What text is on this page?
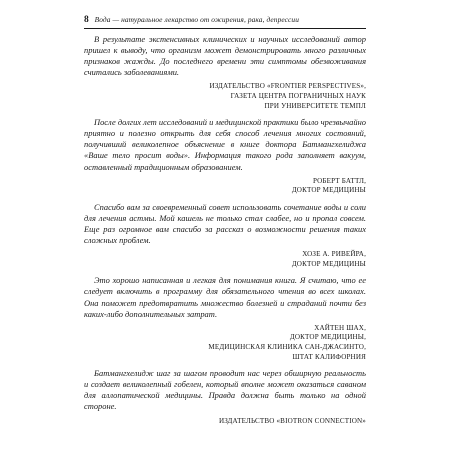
8 Вода — натуральное лекарство от ожирения, рака, депрессии

В результате экстенсивных клинических и научных исследований автор пришел к выводу, что организм может демонстрировать много различных признаков жажды. До последнего времени эти симптомы обезвоживания считались заболеваниями.

ИЗДАТЕЛЬСТВО «FRONTIER PERSPECTIVES»,
ГАЗЕТА ЦЕНТРА ПОГРАНИЧНЫХ НАУК
ПРИ УНИВЕРСИТЕТЕ ТЕМПЛ

После долгих лет исследований и медицинской практики было чрезвычайно приятно и полезно открыть для себя способ лечения многих состояний, получивший великолепное объяснение в книге доктора Батмангхелиджа «Ваше тело просит воды». Информация такого рода заполняет вакуум, оставленный традиционным образованием.

РОБЕРТ БАТТЛ,
ДОКТОР МЕДИЦИНЫ

Спасибо вам за своевременный совет использовать сочетание воды и соли для лечения астмы. Мой кашель не только стал слабее, но и пропал совсем. Еще раз огромное вам спасибо за рассказ о возможности решения таких сложных проблем.

ХОЗЕ А. РИВЕЙРА,
ДОКТОР МЕДИЦИНЫ

Это хорошо написанная и легкая для понимания книга. Я считаю, что ее следует включить в программу для обязательного чтения во всех школах. Она поможет предотвратить множество болезней и страданий почти без каких-либо дополнительных затрат.

ХАЙТЕН ШАХ,
ДОКТОР МЕДИЦИНЫ,
МЕДИЦИНСКАЯ КЛИНИКА САН-ДЖАСИНТО,
ШТАТ КАЛИФОРНИЯ

Батмангхелидж шаг за шагом проводит нас через обширную реальность и создает великолепный гобелен, который вполне может оказаться саваном для аллопатической медицины. Правда должна быть только на одной стороне.

ИЗДАТЕЛЬСТВО «BIOTRON CONNECTION»
